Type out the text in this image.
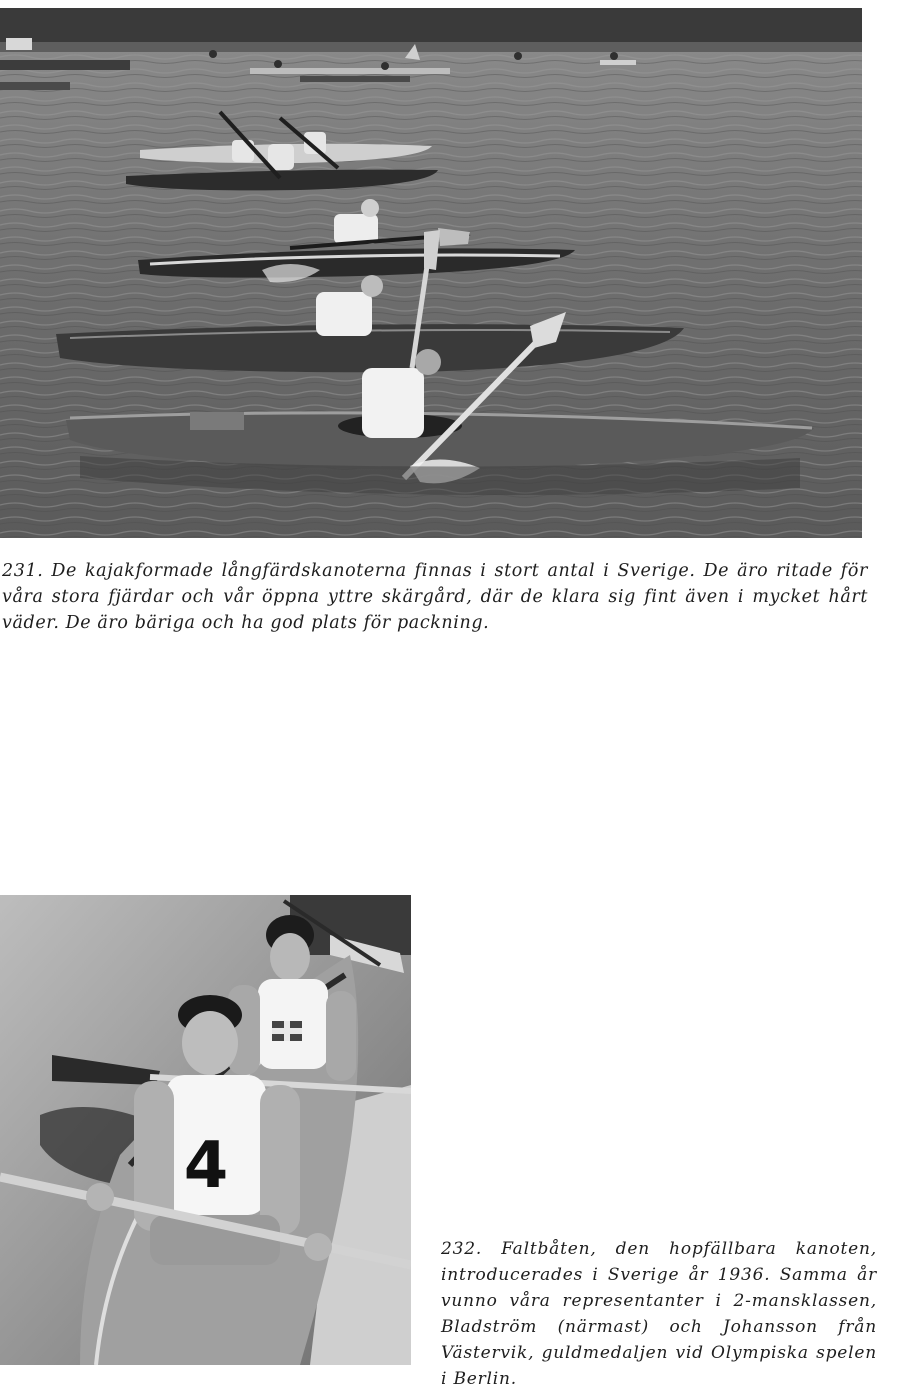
231. De kajakformade långfärdskanoterna finnas i stort antal i Sverige. De äro ritade för våra stora fjärdar och vår öppna yttre skärgård, där de klara sig fint även i mycket hårt väder. De äro bäriga och ha god plats för packning.

4

232. Faltbåten, den hopfällbara kanoten, introducerades i Sverige år 1936. Samma år vunno våra representanter i 2-mansklassen, Bladström (närmast) och Johansson från Västervik, guldmedaljen vid Olympiska spelen i Berlin.
